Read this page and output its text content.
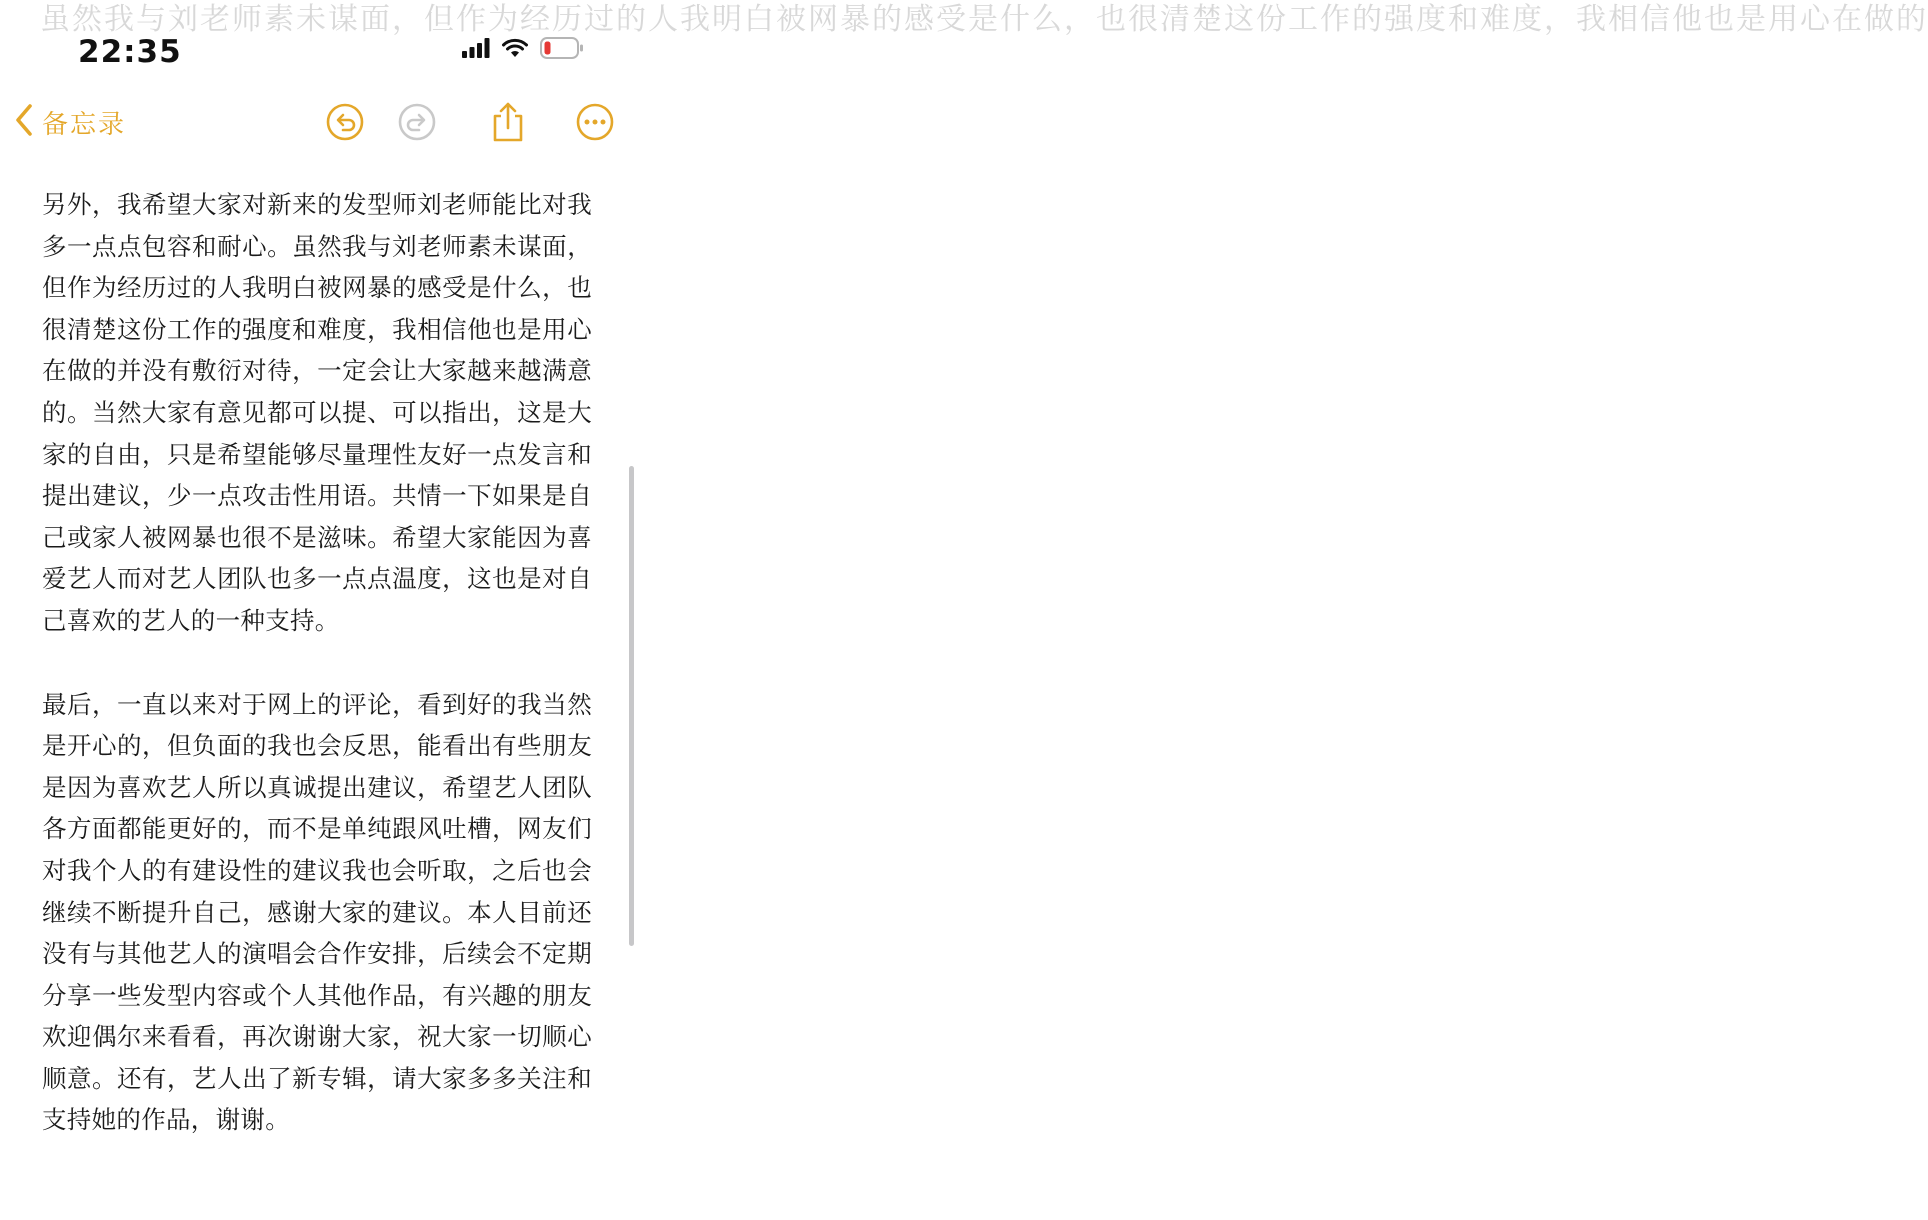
虽然我与刘老师素未谋面，但作为经历过的人我明白被网暴的感受是什么，也很清楚这份工作的强度和难度，我相信他也是用心在做的
22:35
备忘录

另外，我希望大家对新来的发型师刘老师能比对我多一点点包容和耐心。虽然我与刘老师素未谋面，但作为经历过的人我明白被网暴的感受是什么，也很清楚这份工作的强度和难度，我相信他也是用心在做的并没有敷衍对待，一定会让大家越来越满意的。当然大家有意见都可以提、可以指出，这是大家的自由，只是希望能够尽量理性友好一点发言和提出建议，少一点攻击性用语。共情一下如果是自己或家人被网暴也很不是滋味。希望大家能因为喜爱艺人而对艺人团队也多一点点温度，这也是对自己喜欢的艺人的一种支持。

最后，一直以来对于网上的评论，看到好的我当然是开心的，但负面的我也会反思，能看出有些朋友是因为喜欢艺人所以真诚提出建议，希望艺人团队各方面都能更好的，而不是单纯跟风吐槽，网友们对我个人的有建设性的建议我也会听取，之后也会继续不断提升自己，感谢大家的建议。本人目前还没有与其他艺人的演唱会合作安排，后续会不定期分享一些发型内容或个人其他作品，有兴趣的朋友欢迎偶尔来看看，再次谢谢大家，祝大家一切顺心顺意。还有，艺人出了新专辑，请大家多多关注和支持她的作品，谢谢。
